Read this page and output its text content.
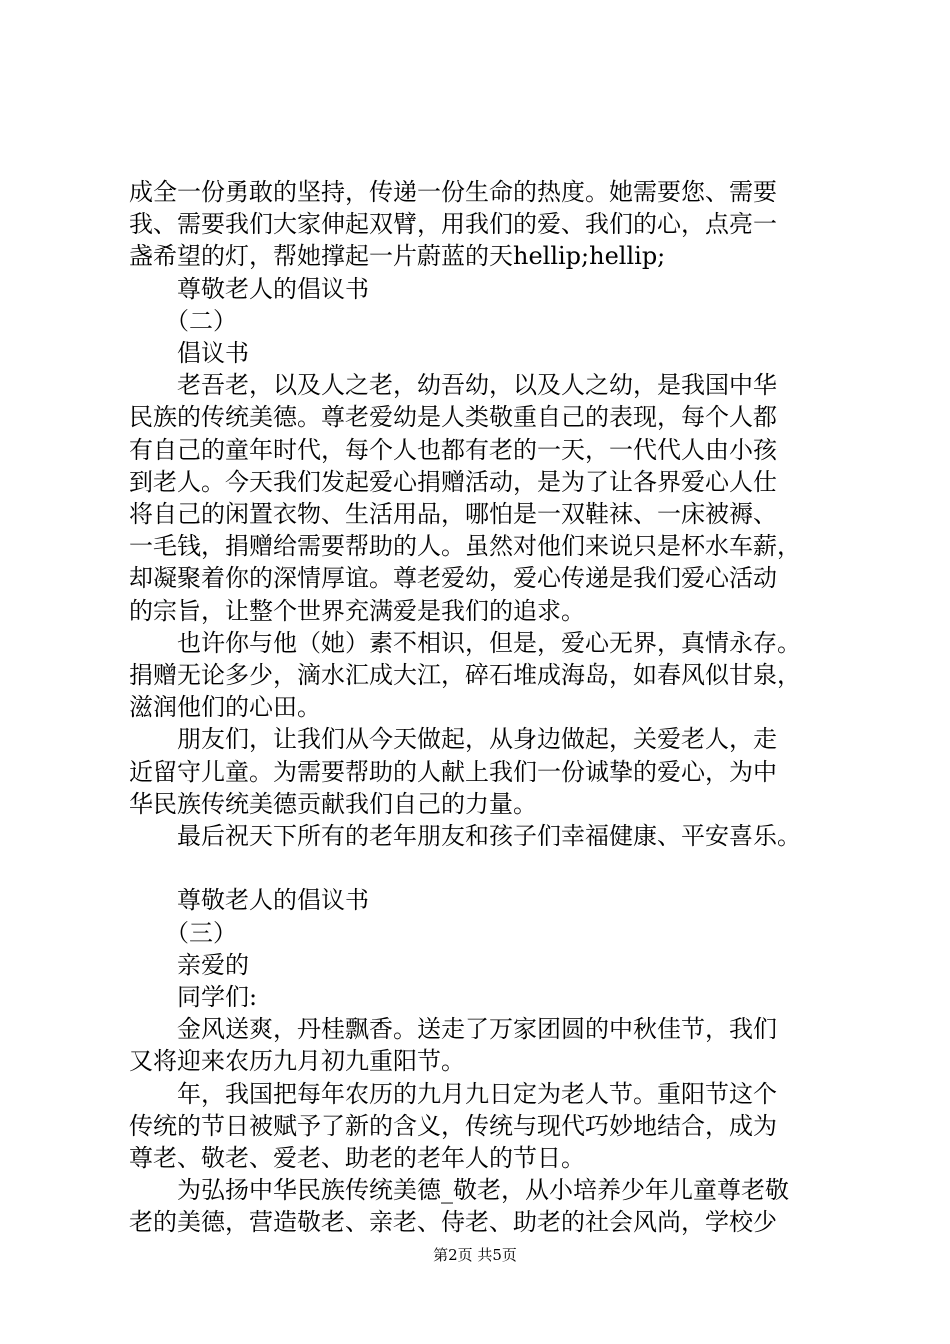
成全一份勇敢的坚持，传递一份生命的热度。她需要您、需要
我、需要我们大家伸起双臂，用我们的爱、我们的心，点亮一
盏希望的灯，帮她撑起一片蔚蓝的天hellip;hellip;
　　尊敬老人的倡议书
　　（二）
　　倡议书
　　老吾老，以及人之老，幼吾幼，以及人之幼，是我国中华
民族的传统美德。尊老爱幼是人类敬重自己的表现，每个人都
有自己的童年时代，每个人也都有老的一天，一代代人由小孩
到老人。今天我们发起爱心捐赠活动，是为了让各界爱心人仕
将自己的闲置衣物、生活用品，哪怕是一双鞋袜、一床被褥、
一毛钱，捐赠给需要帮助的人。虽然对他们来说只是杯水车薪，
却凝聚着你的深情厚谊。尊老爱幼，爱心传递是我们爱心活动
的宗旨，让整个世界充满爱是我们的追求。
　　也许你与他（她）素不相识，但是，爱心无界，真情永存。
捐赠无论多少，滴水汇成大江，碎石堆成海岛，如春风似甘泉，
滋润他们的心田。
　　朋友们，让我们从今天做起，从身边做起，关爱老人，走
近留守儿童。为需要帮助的人献上我们一份诚挚的爱心，为中
华民族传统美德贡献我们自己的力量。
　　最后祝天下所有的老年朋友和孩子们幸福健康、平安喜乐。
　　尊敬老人的倡议书
　　（三）
　　亲爱的
　　同学们:
　　金风送爽，丹桂飘香。送走了万家团圆的中秋佳节，我们
又将迎来农历九月初九重阳节。
　　年，我国把每年农历的九月九日定为老人节。重阳节这个
传统的节日被赋予了新的含义，传统与现代巧妙地结合，成为
尊老、敬老、爱老、助老的老年人的节日。
　　为弘扬中华民族传统美德_敬老，从小培养少年儿童尊老敬
老的美德，营造敬老、亲老、侍老、助老的社会风尚，学校少
第2页 共5页
